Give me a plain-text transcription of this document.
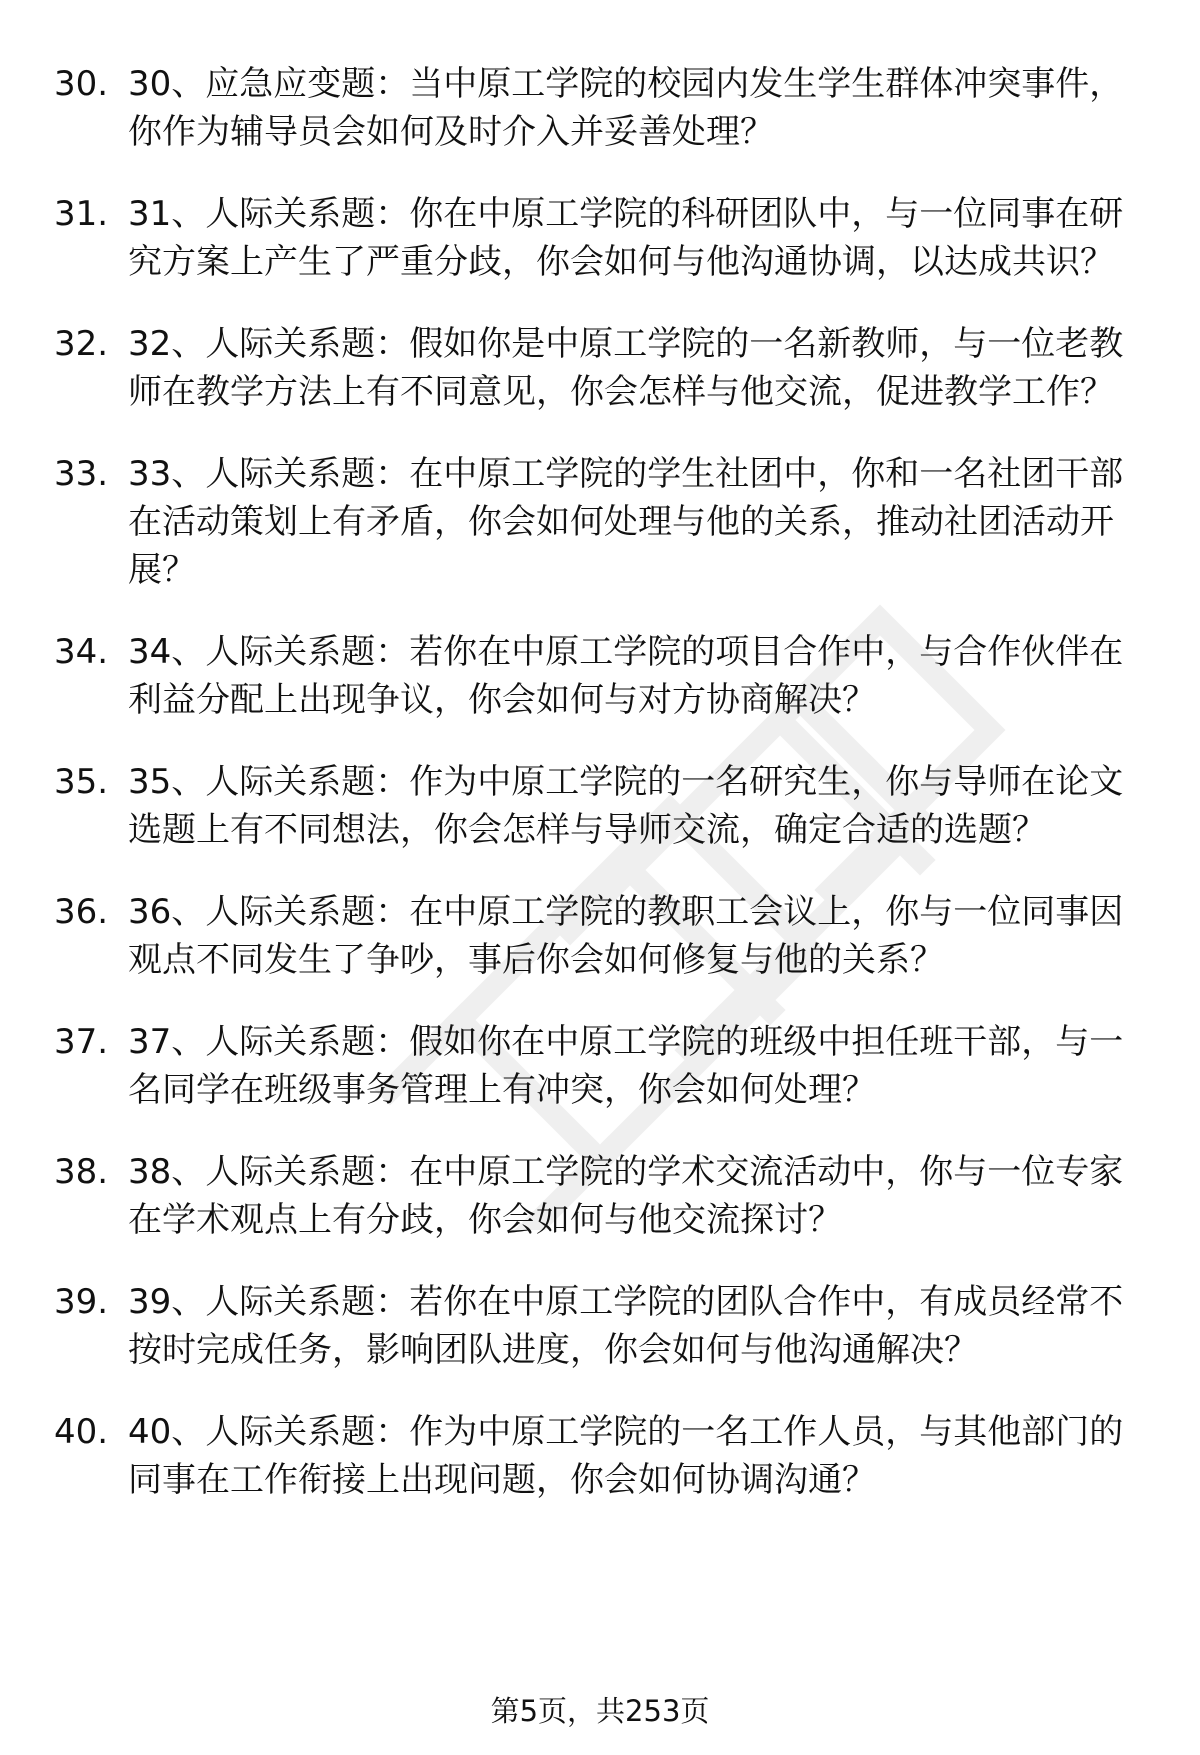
30. 30、应急应变题：当中原工学院的校园内发生学生群体冲突事件，你作为辅导员会如何及时介入并妥善处理？
31. 31、人际关系题：你在中原工学院的科研团队中，与一位同事在研究方案上产生了严重分歧，你会如何与他沟通协调，以达成共识？
32. 32、人际关系题：假如你是中原工学院的一名新教师，与一位老教师在教学方法上有不同意见，你会怎样与他交流，促进教学工作？
33. 33、人际关系题：在中原工学院的学生社团中，你和一名社团干部在活动策划上有矛盾，你会如何处理与他的关系，推动社团活动开展？
34. 34、人际关系题：若你在中原工学院的项目合作中，与合作伙伴在利益分配上出现争议，你会如何与对方协商解决？
35. 35、人际关系题：作为中原工学院的一名研究生，你与导师在论文选题上有不同想法，你会怎样与导师交流，确定合适的选题？
36. 36、人际关系题：在中原工学院的教职工会议上，你与一位同事因观点不同发生了争吵，事后你会如何修复与他的关系？
37. 37、人际关系题：假如你在中原工学院的班级中担任班干部，与一名同学在班级事务管理上有冲突，你会如何处理？
38. 38、人际关系题：在中原工学院的学术交流活动中，你与一位专家在学术观点上有分歧，你会如何与他交流探讨？
39. 39、人际关系题：若你在中原工学院的团队合作中，有成员经常不按时完成任务，影响团队进度，你会如何与他沟通解决？
40. 40、人际关系题：作为中原工学院的一名工作人员，与其他部门的同事在工作衔接上出现问题，你会如何协调沟通？
第5页，共253页
